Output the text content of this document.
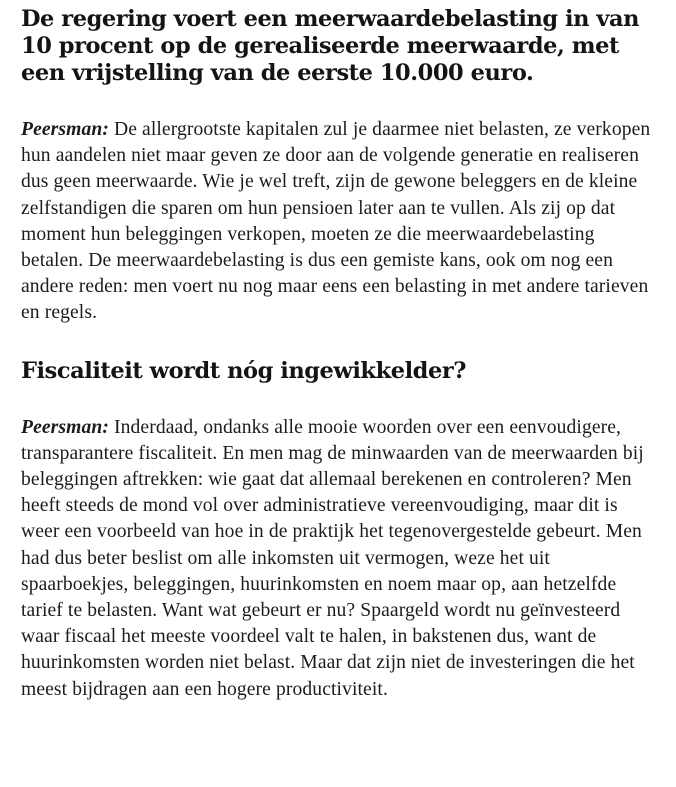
De regering voert een meerwaardebelasting in van 10 procent op de gerealiseerde meerwaarde, met een vrijstelling van de eerste 10.000 euro.

Peersman: De allergrootste kapitalen zul je daarmee niet belasten, ze verkopen hun aandelen niet maar geven ze door aan de volgende generatie en realiseren dus geen meerwaarde. Wie je wel treft, zijn de gewone beleggers en de kleine zelfstandigen die sparen om hun pensioen later aan te vullen. Als zij op dat moment hun beleggingen verkopen, moeten ze die meerwaardebelasting betalen. De meerwaardebelasting is dus een gemiste kans, ook om nog een andere reden: men voert nu nog maar eens een belasting in met andere tarieven en regels.

Fiscaliteit wordt nóg ingewikkelder?

Peersman: Inderdaad, ondanks alle mooie woorden over een eenvoudigere, transparantere fiscaliteit. En men mag de minwaarden van de meerwaarden bij beleggingen aftrekken: wie gaat dat allemaal berekenen en controleren? Men heeft steeds de mond vol over administratieve vereenvoudiging, maar dit is weer een voorbeeld van hoe in de praktijk het tegenovergestelde gebeurt. Men had dus beter beslist om alle inkomsten uit vermogen, weze het uit spaarboekjes, beleggingen, huurinkomsten en noem maar op, aan hetzelfde tarief te belasten. Want wat gebeurt er nu? Spaargeld wordt nu geïnvesteerd waar fiscaal het meeste voordeel valt te halen, in bakstenen dus, want de huurinkomsten worden niet belast. Maar dat zijn niet de investeringen die het meest bijdragen aan een hogere productiviteit.
